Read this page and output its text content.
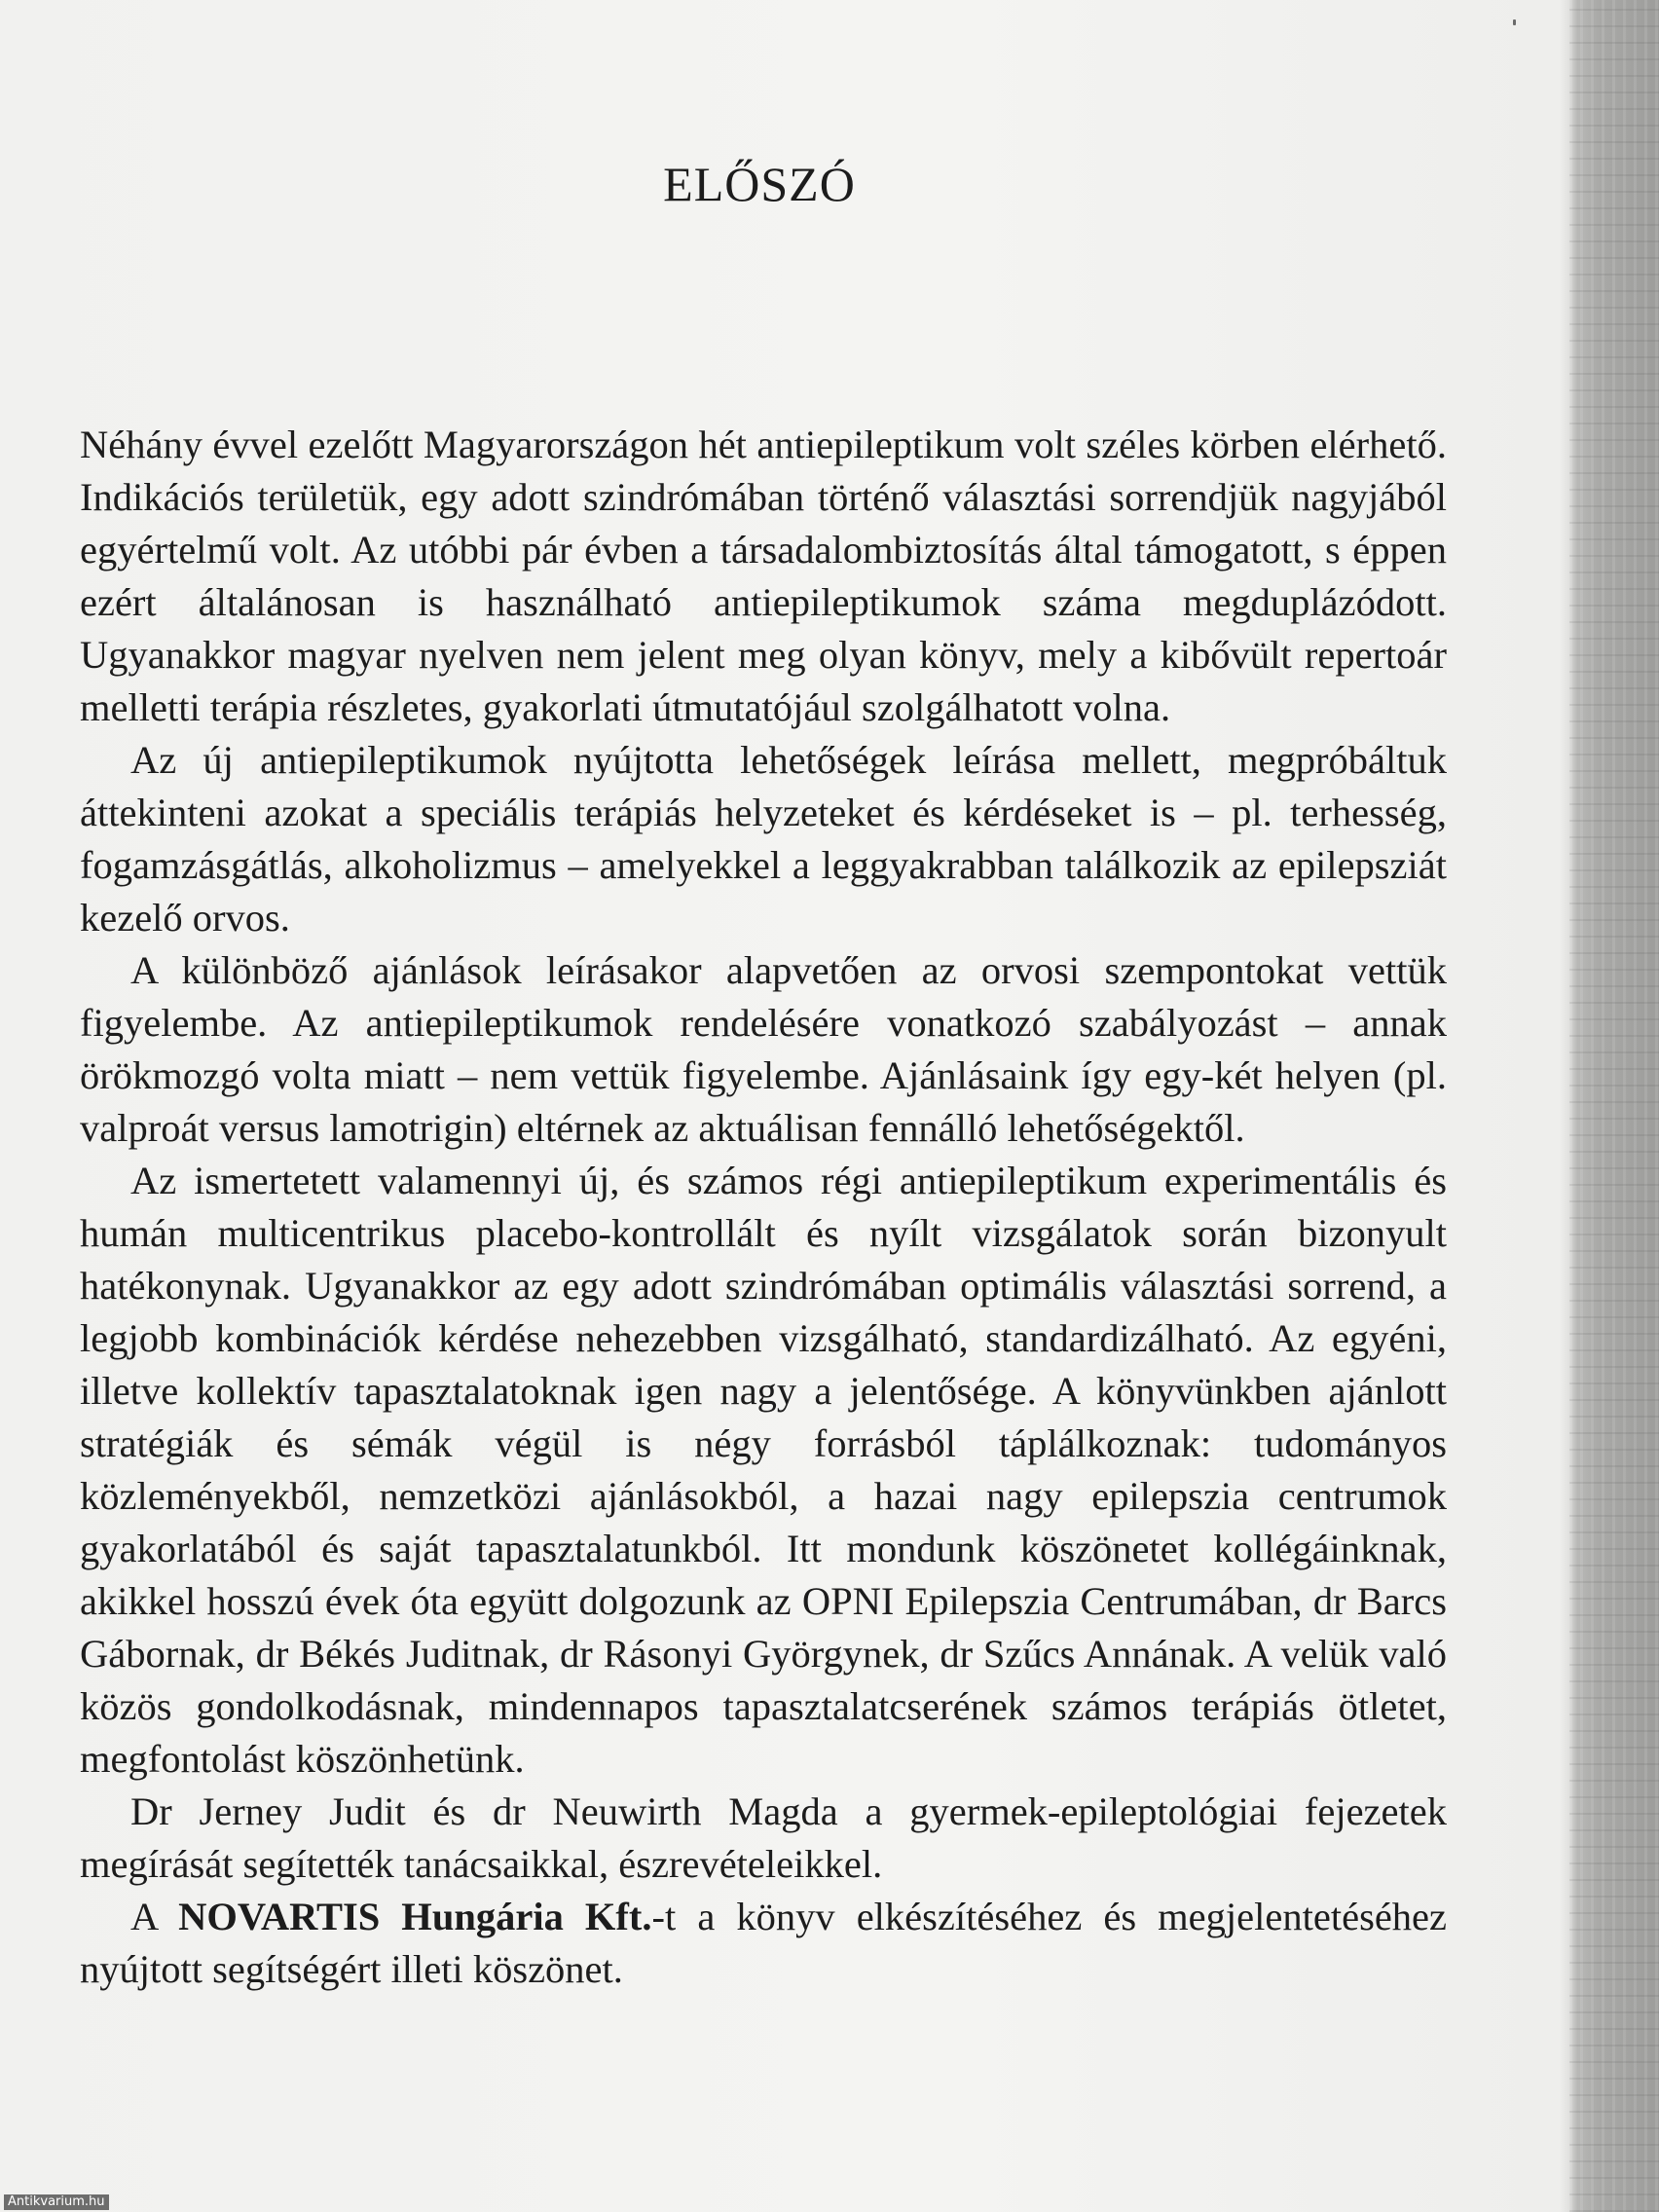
ELŐSZÓ

Néhány évvel ezelőtt Magyarországon hét antiepileptikum volt széles körben elérhető. Indikációs területük, egy adott szindrómában történő választási sorrendjük nagyjából egyértelmű volt. Az utóbbi pár évben a társadalombiztosítás által támogatott, s éppen ezért általánosan is használható antiepileptikumok száma megduplázódott. Ugyanakkor magyar nyelven nem jelent meg olyan könyv, mely a kibővült repertoár melletti terápia részletes, gyakorlati útmutatójául szolgálhatott volna.

Az új antiepileptikumok nyújtotta lehetőségek leírása mellett, megpróbáltuk áttekinteni azokat a speciális terápiás helyzeteket és kérdéseket is – pl. terhesség, fogamzásgátlás, alkoholizmus – amelyekkel a leggyakrabban találkozik az epilepsziát kezelő orvos.

A különböző ajánlások leírásakor alapvetően az orvosi szempontokat vettük figyelembe. Az antiepileptikumok rendelésére vonatkozó szabályozást – annak örökmozgó volta miatt – nem vettük figyelembe. Ajánlásaink így egy-két helyen (pl. valproát versus lamotrigin) eltérnek az aktuálisan fennálló lehetőségektől.

Az ismertetett valamennyi új, és számos régi antiepileptikum experimentális és humán multicentrikus placebo-kontrollált és nyílt vizsgálatok során bizonyult hatékonynak. Ugyanakkor az egy adott szindrómában optimális választási sorrend, a legjobb kombinációk kérdése nehezebben vizsgálható, standardizálható. Az egyéni, illetve kollektív tapasztalatoknak igen nagy a jelentősége. A könyvünkben ajánlott stratégiák és sémák végül is négy forrásból táplálkoznak: tudományos közleményekből, nemzetközi ajánlásokból, a hazai nagy epilepszia centrumok gyakorlatából és saját tapasztalatunkból. Itt mondunk köszönetet kollégáinknak, akikkel hosszú évek óta együtt dolgozunk az OPNI Epilepszia Centrumában, dr Barcs Gábornak, dr Békés Juditnak, dr Rásonyi Györgynek, dr Szűcs Annának. A velük való közös gondolkodásnak, mindennapos tapasztalatcserének számos terápiás ötletet, megfontolást köszönhetünk.

Dr Jerney Judit és dr Neuwirth Magda a gyermek-epileptológiai fejezetek megírását segítették tanácsaikkal, észrevételeikkel.

A NOVARTIS Hungária Kft.-t a könyv elkészítéséhez és megjelentetéséhez nyújtott segítségért illeti köszönet.

Antikvarium.hu
